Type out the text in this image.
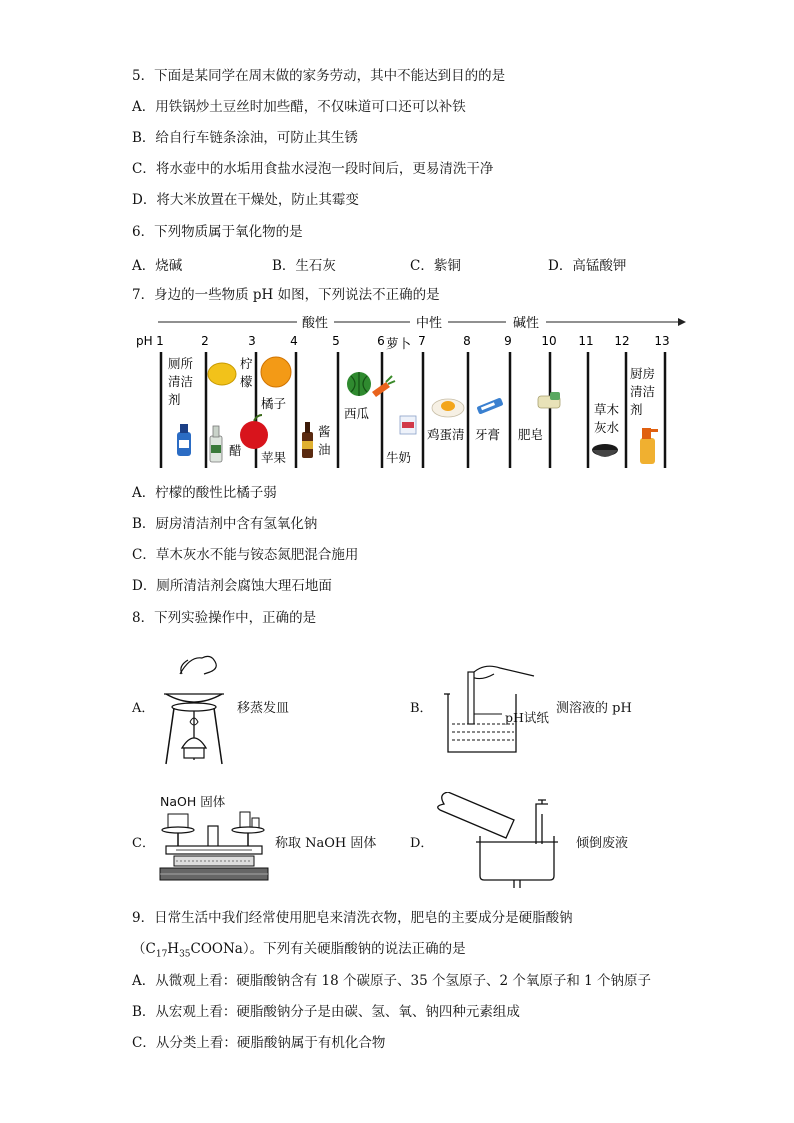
5．下面是某同学在周末做的家务劳动，其中不能达到目的的是
A．用铁锅炒土豆丝时加些醋，不仅味道可口还可以补铁
B．给自行车链条涂油，可防止其生锈
C．将水壶中的水垢用食盐水浸泡一段时间后，更易清洗干净
D．将大米放置在干燥处，防止其霉变
6．下列物质属于氧化物的是
A．烧碱	B．生石灰	C．紫铜	D．高锰酸钾
7．身边的一些物质 pH 如图，下列说法不正确的是
酸性	中性	碱性
pH 1	2	3	4	5	6	7	8	9 10 11 12 13
厕所
清洁
剂
柠
檬
醋 苹果
橘子
酱
油
西瓜
萝卜
牛奶
鸡蛋清 牙膏 肥皂
草木
灰水
厨房
清洁
剂
A．柠檬的酸性比橘子弱
B．厨房清洁剂中含有氢氧化钠
C．草木灰水不能与铵态氮肥混合施用
D．厕所清洁剂会腐蚀大理石地面
8．下列实验操作中，正确的是
A．	移蒸发皿	B．
pH试纸
测溶液的 pH
C．
NaOH 固体
称取 NaOH 固体	D．	倾倒废液
9．日常生活中我们经常使用肥皂来清洗衣物，肥皂的主要成分是硬脂酸钠
$(C_{17}H_{35}COONa)$。下列有关硬脂酸钠的说法正确的是
A．从微观上看：硬脂酸钠含有 18 个碳原子、35 个氢原子、2 个氧原子和 1 个钠原子
B．从宏观上看：硬脂酸钠分子是由碳、氢、氧、钠四种元素组成
C．从分类上看：硬脂酸钠属于有机化合物
